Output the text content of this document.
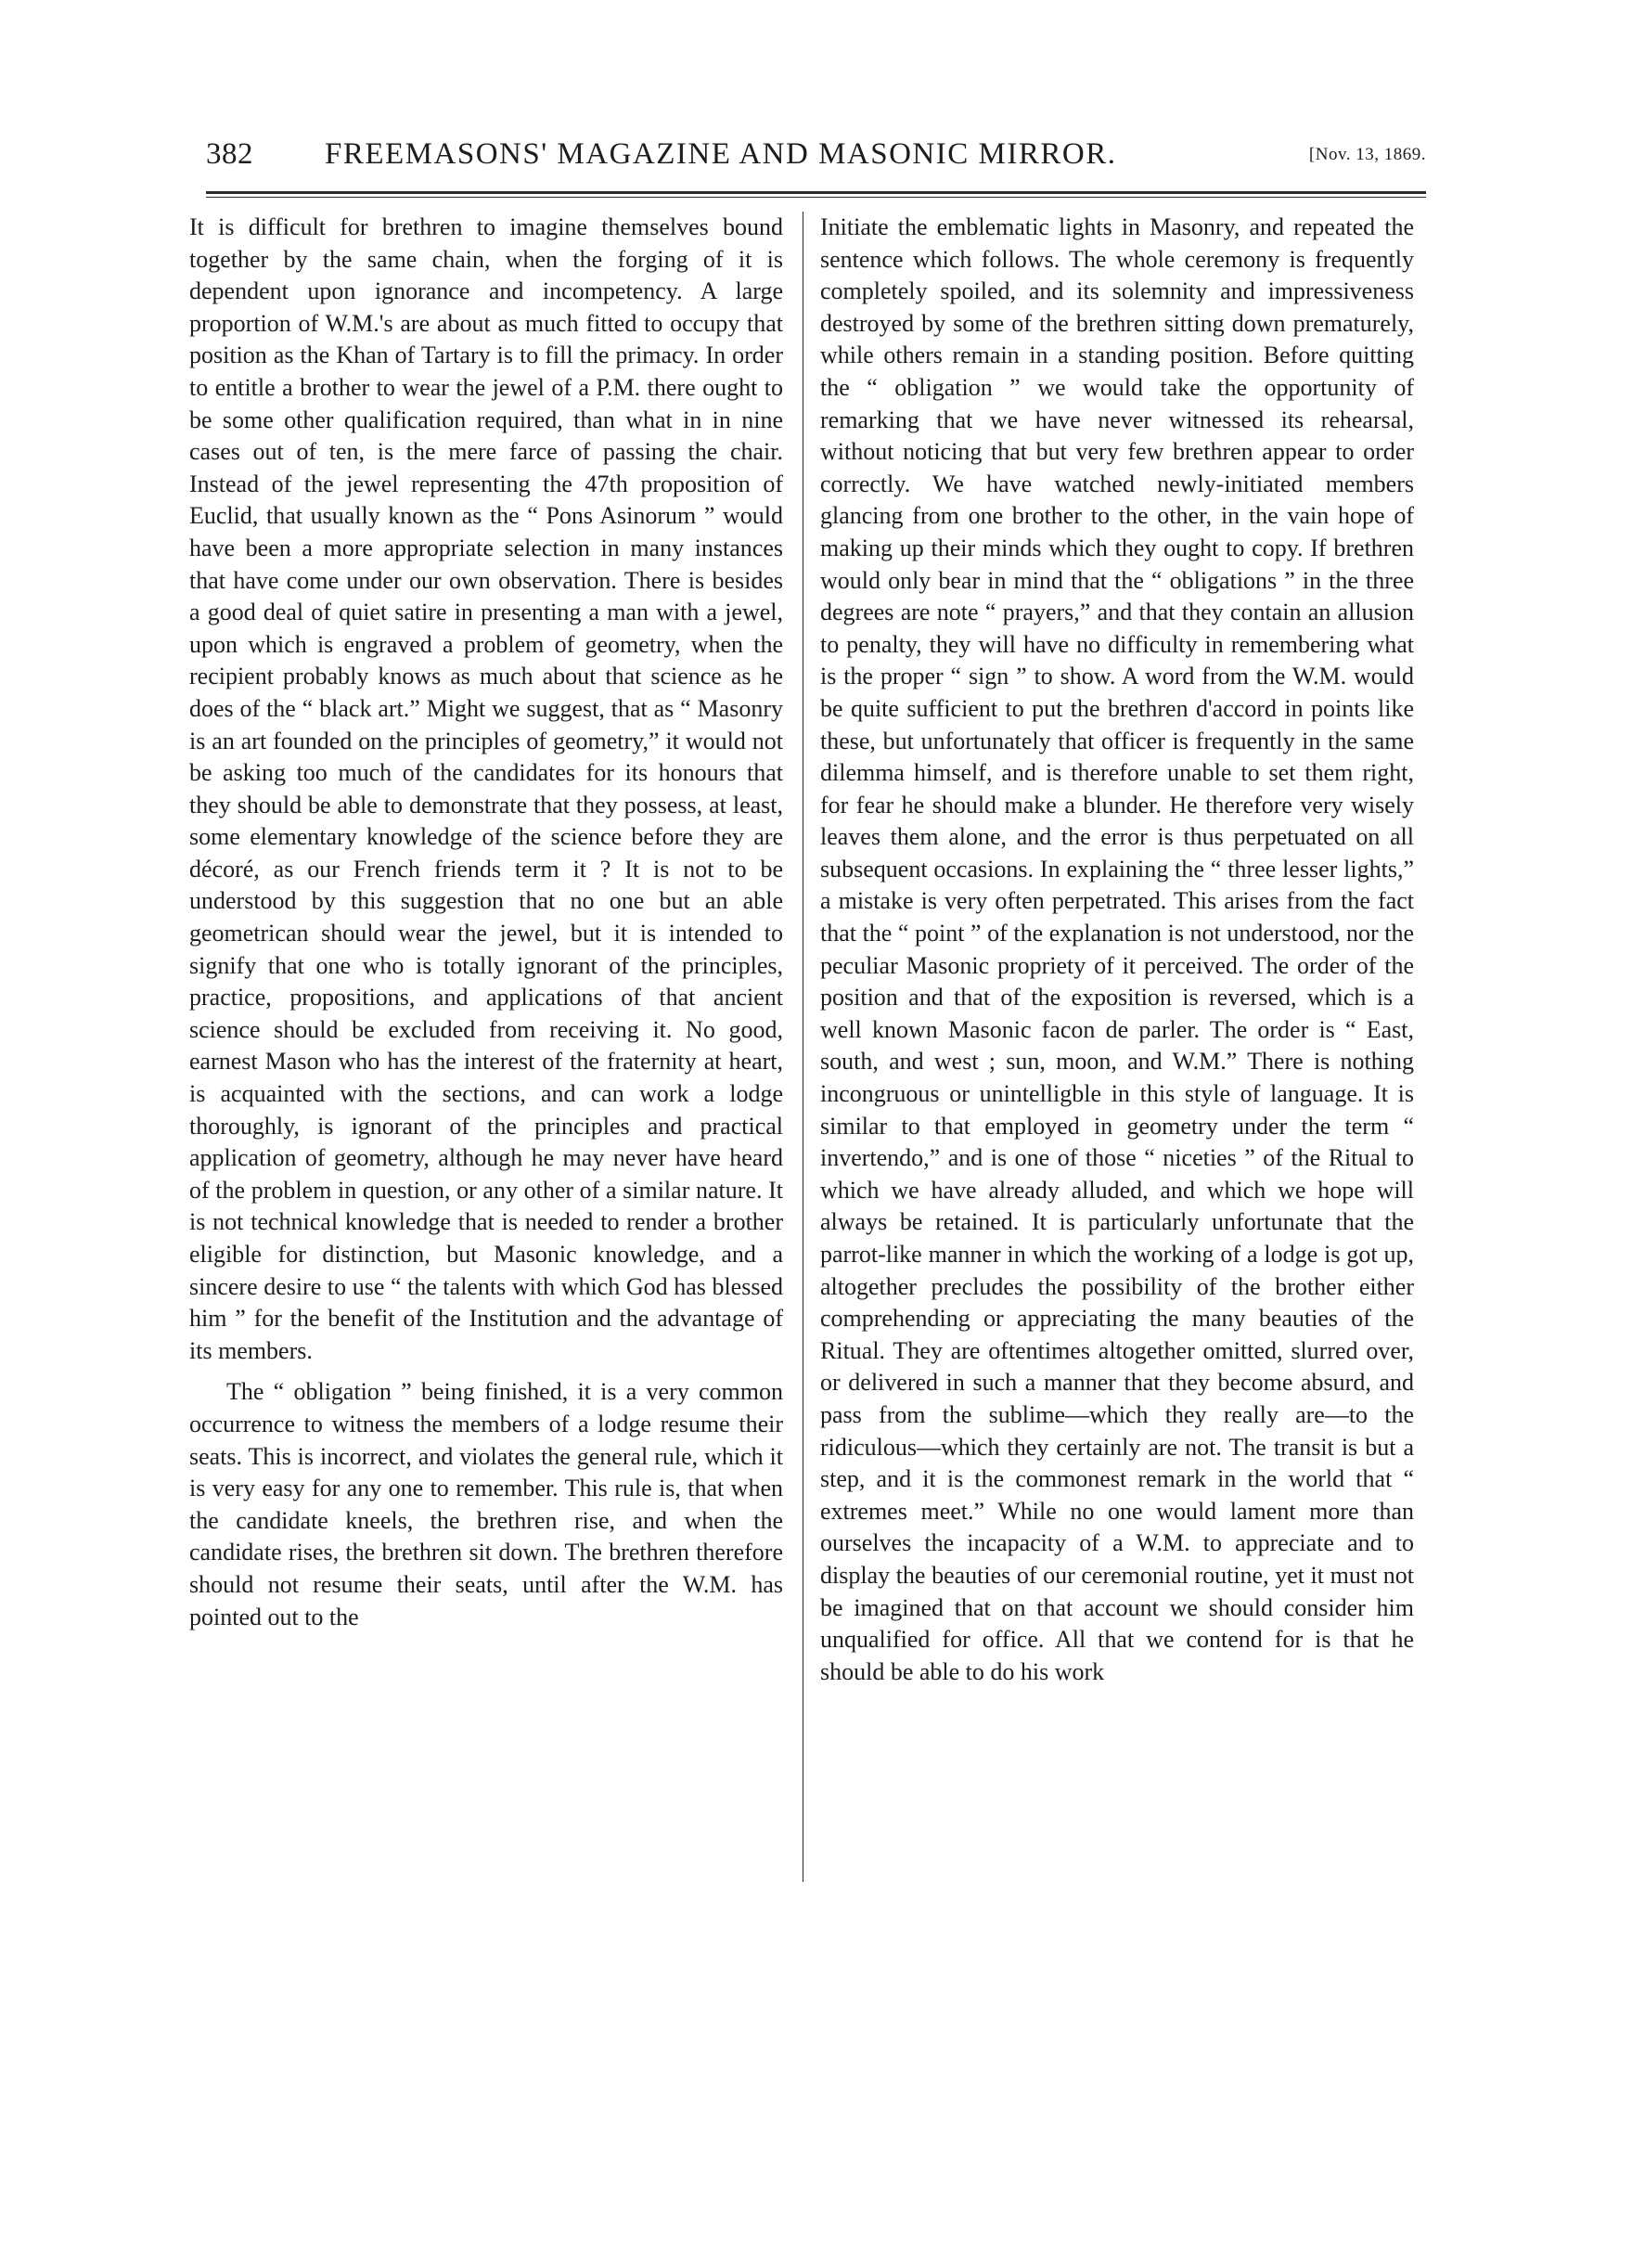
382 FREEMASONS' MAGAZINE AND MASONIC MIRROR.	[Nov. 13, 1869.

It is difficult for brethren to imagine themselves bound together by the same chain, when the forging of it is dependent upon ignorance and incompetency. A large proportion of W.M.'s are about as much fitted to occupy that position as the Khan of Tartary is to fill the primacy. In order to entitle a brother to wear the jewel of a P.M. there ought to be some other qualification required, than what in in nine cases out of ten, is the mere farce of passing the chair. Instead of the jewel representing the 47th proposition of Euclid, that usually known as the “ Pons Asinorum ” would have been a more appropriate selection in many instances that have come under our own observation. There is besides a good deal of quiet satire in presenting a man with a jewel, upon which is engraved a problem of geometry, when the recipient probably knows as much about that science as he does of the “ black art.” Might we suggest, that as “ Masonry is an art founded on the principles of geometry,” it would not be asking too much of the candidates for its honours that they should be able to demonstrate that they possess, at least, some elementary knowledge of the science before they are décoré, as our French friends term it ? It is not to be understood by this suggestion that no one but an able geometrican should wear the jewel, but it is intended to signify that one who is totally ignorant of the principles, practice, propositions, and applications of that ancient science should be excluded from receiving it. No good, earnest Mason who has the interest of the fraternity at heart, is acquainted with the sections, and can work a lodge thoroughly, is ignorant of the principles and practical application of geometry, although he may never have heard of the problem in question, or any other of a similar nature. It is not technical knowledge that is needed to render a brother eligible for distinction, but Masonic knowledge, and a sincere desire to use “ the talents with which God has blessed him ” for the benefit of the Institution and the advantage of its members.

The “ obligation ” being finished, it is a very common occurrence to witness the members of a lodge resume their seats. This is incorrect, and violates the general rule, which it is very easy for any one to remember. This rule is, that when the candidate kneels, the brethren rise, and when the candidate rises, the brethren sit down. The brethren therefore should not resume their seats, until after the W.M. has pointed out to the

Initiate the emblematic lights in Masonry, and repeated the sentence which follows. The whole ceremony is frequently completely spoiled, and its solemnity and impressiveness destroyed by some of the brethren sitting down prematurely, while others remain in a standing position. Before quitting the “ obligation ” we would take the opportunity of remarking that we have never witnessed its rehearsal, without noticing that but very few brethren appear to order correctly. We have watched newly-initiated members glancing from one brother to the other, in the vain hope of making up their minds which they ought to copy. If brethren would only bear in mind that the “ obligations ” in the three degrees are note “ prayers,” and that they contain an allusion to penalty, they will have no difficulty in remembering what is the proper “ sign ” to show. A word from the W.M. would be quite sufficient to put the brethren d'accord in points like these, but unfortunately that officer is frequently in the same dilemma himself, and is therefore unable to set them right, for fear he should make a blunder. He therefore very wisely leaves them alone, and the error is thus perpetuated on all subsequent occasions. In explaining the “ three lesser lights,” a mistake is very often perpetrated. This arises from the fact that the “ point ” of the explanation is not understood, nor the peculiar Masonic propriety of it perceived. The order of the position and that of the exposition is reversed, which is a well known Masonic facon de parler. The order is “ East, south, and west ; sun, moon, and W.M.” There is nothing incongruous or unintelligble in this style of language. It is similar to that employed in geometry under the term “ invertendo,” and is one of those “ niceties ” of the Ritual to which we have already alluded, and which we hope will always be retained. It is particularly unfortunate that the parrot-like manner in which the working of a lodge is got up, altogether precludes the possibility of the brother either comprehending or appreciating the many beauties of the Ritual. They are oftentimes altogether omitted, slurred over, or delivered in such a manner that they become absurd, and pass from the sublime—which they really are—to the ridiculous—which they certainly are not. The transit is but a step, and it is the commonest remark in the world that “ extremes meet.” While no one would lament more than ourselves the incapacity of a W.M. to appreciate and to display the beauties of our ceremonial routine, yet it must not be imagined that on that account we should consider him unqualified for office. All that we contend for is that he should be able to do his work
